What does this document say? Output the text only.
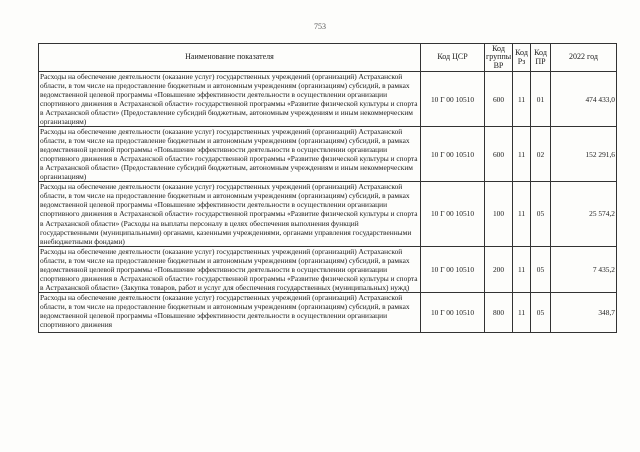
753
Наименование показателя	Код ЦСР	Код группы ВР	Код Рз	Код ПР	2022 год
Расходы на обеспечение деятельности (оказание услуг) государственных учреждений (организаций) Астраханской области, в том числе на предоставление бюджетным и автономным учреждениям (организациям) субсидий, в рамках ведомственной целевой программы «Повышение эффективности деятельности в осуществлении организации спортивного движения в Астраханской области» государственной программы «Развитие физической культуры и спорта в Астраханской области» (Предоставление субсидий бюджетным, автономным учреждениям и иным некоммерческим организациям)	10 Г 00 10510	600	11	01	474 433,0
Расходы на обеспечение деятельности (оказание услуг) государственных учреждений (организаций) Астраханской области, в том числе на предоставление бюджетным и автономным учреждениям (организациям) субсидий, в рамках ведомственной целевой программы «Повышение эффективности деятельности в осуществлении организации спортивного движения в Астраханской области» государственной программы «Развитие физической культуры и спорта в Астраханской области» (Предоставление субсидий бюджетным, автономным учреждениям и иным некоммерческим организациям)	10 Г 00 10510	600	11	02	152 291,6
Расходы на обеспечение деятельности (оказание услуг) государственных учреждений (организаций) Астраханской области, в том числе на предоставление бюджетным и автономным учреждениям (организациям) субсидий, в рамках ведомственной целевой программы «Повышение эффективности деятельности в осуществлении организации спортивного движения в Астраханской области» государственной программы «Развитие физической культуры и спорта в Астраханской области» (Расходы на выплаты персоналу в целях обеспечения выполнения функций государственными (муниципальными) органами, казенными учреждениями, органами управления государственными внебюджетными фондами)	10 Г 00 10510	100	11	05	25 574,2
Расходы на обеспечение деятельности (оказание услуг) государственных учреждений (организаций) Астраханской области, в том числе на предоставление бюджетным и автономным учреждениям (организациям) субсидий, в рамках ведомственной целевой программы «Повышение эффективности деятельности в осуществлении организации спортивного движения в Астраханской области» государственной программы «Развитие физической культуры и спорта в Астраханской области» (Закупка товаров, работ и услуг для обеспечения государственных (муниципальных) нужд)	10 Г 00 10510	200	11	05	7 435,2

Расходы на обеспечение деятельности (оказание услуг) государственных учреждений (организаций) Астраханской области, в том числе на предоставление бюджетным и автономным учреждениям (организациям) субсидий, в рамках ведомственной целевой программы «Повышение эффективности деятельности в осуществлении организации спортивного движения	10 Г 00 10510	800	11	05	348,7
